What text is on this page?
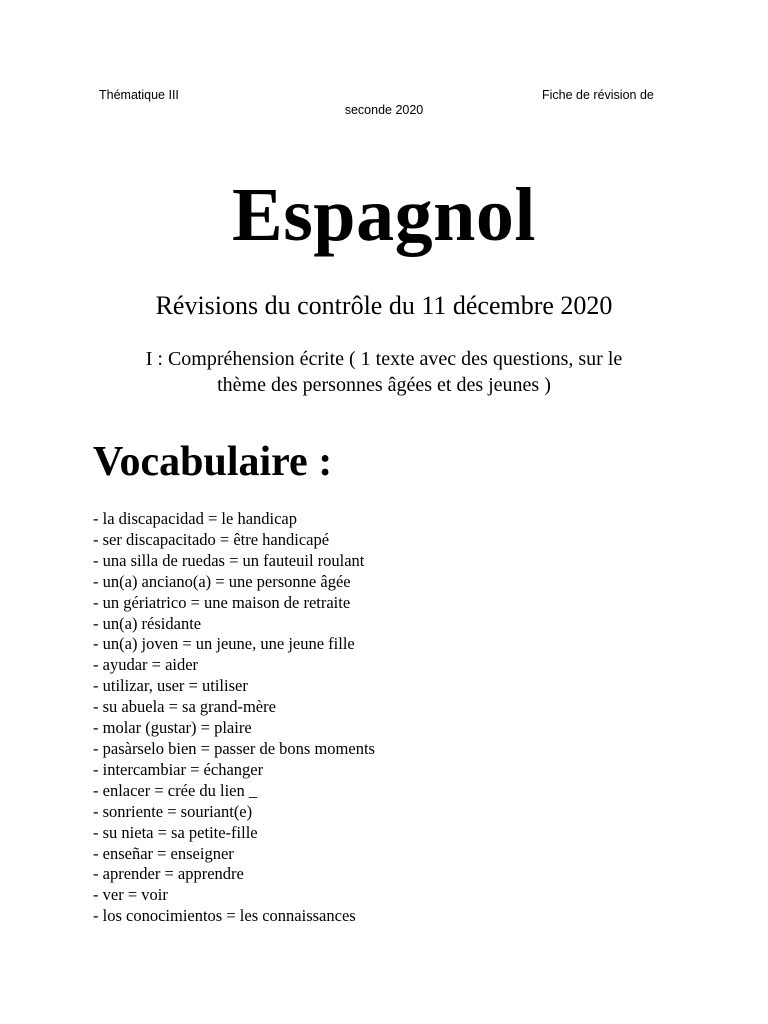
Thématique III	Fiche de révision de
seconde 2020
Espagnol
Révisions du contrôle du 11 décembre 2020
I : Compréhension écrite ( 1 texte avec des questions, sur le
thème des personnes âgées et des jeunes )
Vocabulaire :
- la discapacidad = le handicap
- ser discapacitado = être handicapé
- una silla de ruedas = un fauteuil roulant
- un(a) anciano(a) = une personne âgée
- un gériatrico = une maison de retraite
- un(a) résidante
- un(a) joven = un jeune, une jeune fille
- ayudar = aider
- utilizar, user = utiliser
- su abuela = sa grand-mère
- molar (gustar) = plaire
- pasàrselo bien = passer de bons moments
- intercambiar = échanger
- enlacer = crée du lien _
- sonriente = souriant(e)
- su nieta = sa petite-fille
- enseñar = enseigner
- aprender = apprendre
- ver = voir
- los conocimientos = les connaissances
